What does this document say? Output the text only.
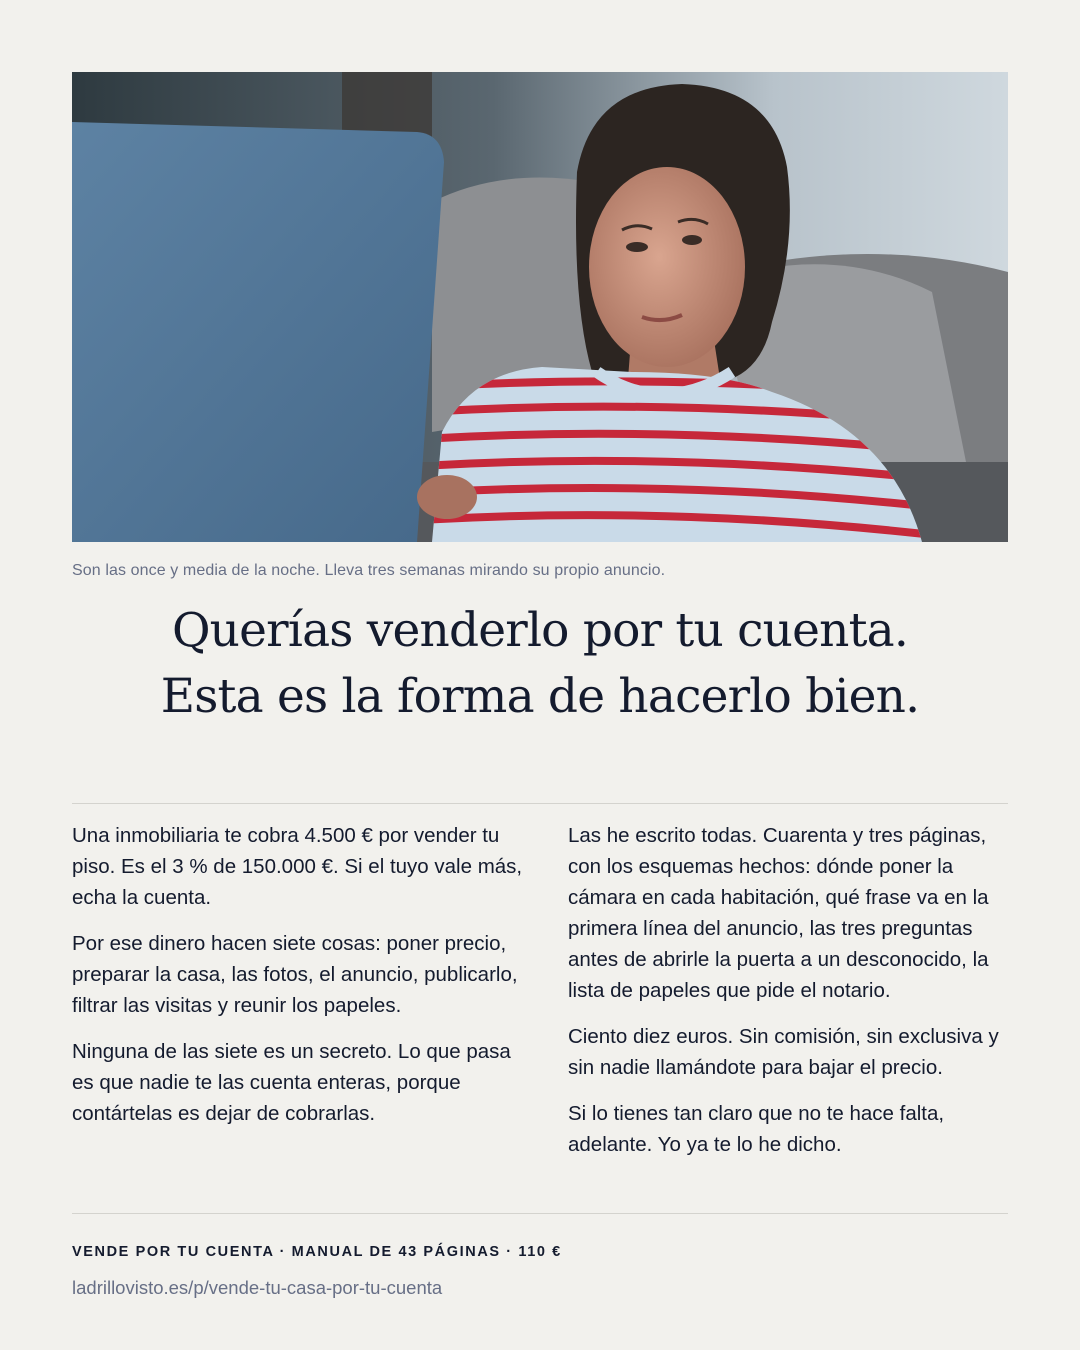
Son las once y media de la noche. Lleva tres semanas mirando su propio anuncio.
Querías venderlo por tu cuenta.
Esta es la forma de hacerlo bien.

Una inmobiliaria te cobra 4.500 € por vender tu piso. Es el 3 % de 150.000 €. Si el tuyo vale más, echa la cuenta.

Por ese dinero hacen siete cosas: poner precio, preparar la casa, las fotos, el anuncio, publicarlo, filtrar las visitas y reunir los papeles.

Ninguna de las siete es un secreto. Lo que pasa es que nadie te las cuenta enteras, porque contártelas es dejar de cobrarlas.

Las he escrito todas. Cuarenta y tres páginas, con los esquemas hechos: dónde poner la cámara en cada habitación, qué frase va en la primera línea del anuncio, las tres preguntas antes de abrirle la puerta a un desconocido, la lista de papeles que pide el notario.

Ciento diez euros. Sin comisión, sin exclusiva y sin nadie llamándote para bajar el precio.

Si lo tienes tan claro que no te hace falta, adelante. Yo ya te lo he dicho.

VENDE POR TU CUENTA · MANUAL DE 43 PÁGINAS · 110 €
ladrillovisto.es/p/vende-tu-casa-por-tu-cuenta
